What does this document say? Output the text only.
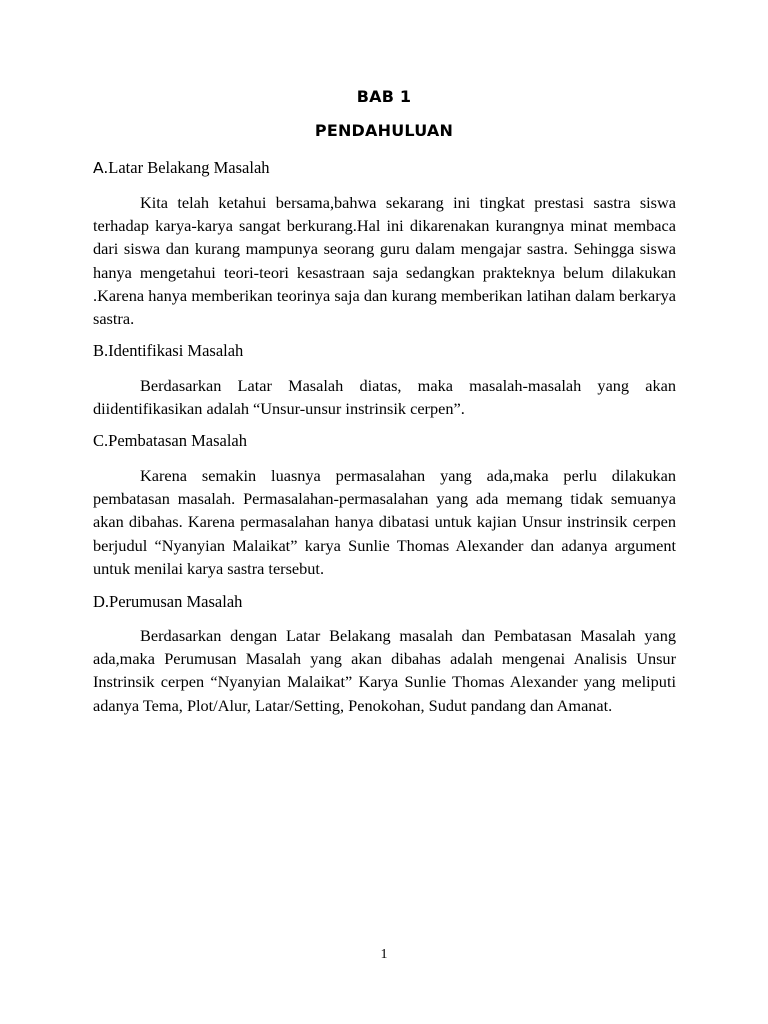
BAB 1
PENDAHULUAN
A.Latar Belakang Masalah
Kita telah ketahui bersama,bahwa sekarang ini tingkat prestasi sastra siswa terhadap karya-karya sangat berkurang.Hal ini dikarenakan kurangnya minat membaca dari siswa dan kurang mampunya seorang guru dalam mengajar sastra. Sehingga siswa hanya mengetahui teori-teori kesastraan saja sedangkan prakteknya belum dilakukan .Karena hanya memberikan teorinya saja dan kurang memberikan latihan dalam berkarya sastra.
B.Identifikasi Masalah
Berdasarkan Latar Masalah diatas, maka masalah-masalah yang akan diidentifikasikan adalah “Unsur-unsur instrinsik cerpen”.
C.Pembatasan Masalah
Karena semakin luasnya permasalahan yang ada,maka perlu dilakukan pembatasan masalah. Permasalahan-permasalahan yang ada memang tidak semuanya akan dibahas. Karena permasalahan hanya dibatasi untuk kajian Unsur instrinsik cerpen berjudul “Nyanyian Malaikat” karya Sunlie Thomas Alexander dan adanya argument untuk menilai karya sastra tersebut.
D.Perumusan Masalah
Berdasarkan dengan Latar Belakang masalah dan Pembatasan Masalah yang ada,maka Perumusan Masalah yang akan dibahas adalah mengenai Analisis Unsur Instrinsik cerpen “Nyanyian Malaikat” Karya Sunlie Thomas Alexander yang meliputi adanya Tema, Plot/Alur, Latar/Setting, Penokohan, Sudut pandang dan Amanat.
1
